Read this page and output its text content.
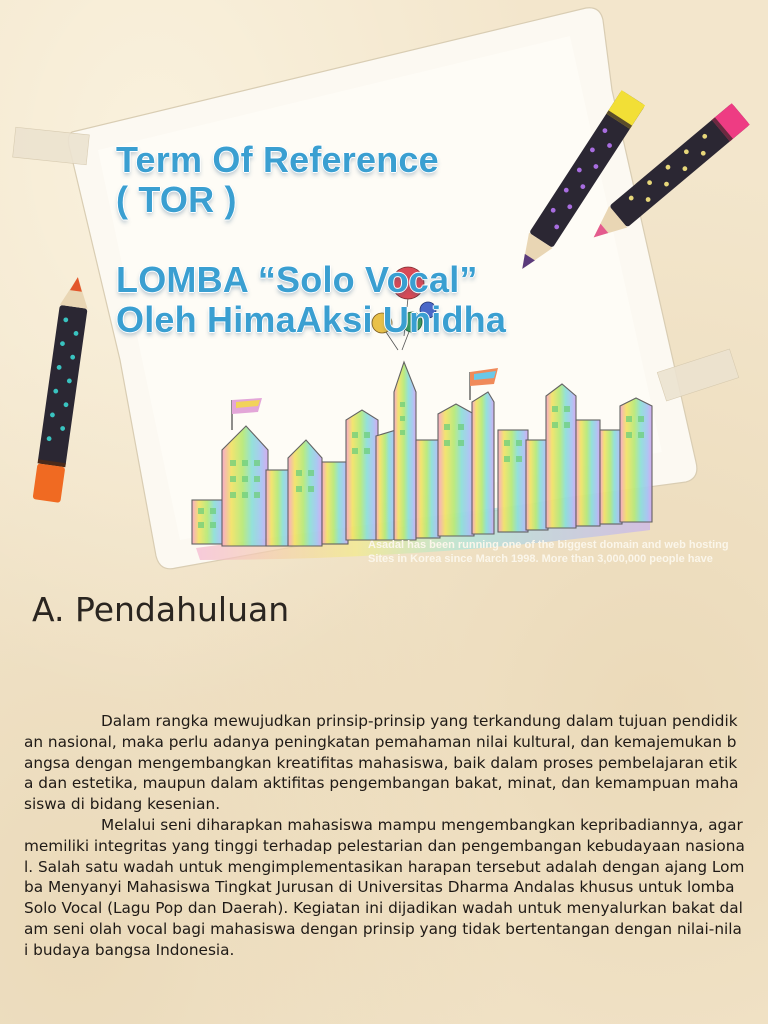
Term Of Reference
( TOR )
LOMBA “Solo Vocal”
Oleh HimaAksi Unidha
Asadal has been running one of the biggest domain and web hosting
Sites in Korea since March 1998. More than 3,000,000 people have
A. Pendahuluan

Dalam rangka mewujudkan prinsip-prinsip yang terkandung dalam tujuan pendidikan nasional, maka perlu adanya peningkatan pemahaman nilai kultural, dan kemajemukan bangsa dengan mengembangkan kreatifitas mahasiswa, baik dalam proses pembelajaran etika dan estetika, maupun dalam aktifitas pengembangan bakat, minat, dan kemampuan mahasiswa di bidang kesenian.

Melalui seni diharapkan mahasiswa mampu mengembangkan kepribadiannya, agar memiliki integritas yang tinggi terhadap pelestarian dan pengembangan kebudayaan nasional. Salah satu wadah untuk mengimplementasikan harapan tersebut adalah dengan ajang Lomba Menyanyi Mahasiswa Tingkat Jurusan di Universitas Dharma Andalas khusus untuk lomba Solo Vocal (Lagu Pop dan Daerah). Kegiatan ini dijadikan wadah untuk menyalurkan bakat dalam seni olah vocal bagi mahasiswa dengan prinsip yang tidak bertentangan dengan nilai-nilai budaya bangsa Indonesia.
